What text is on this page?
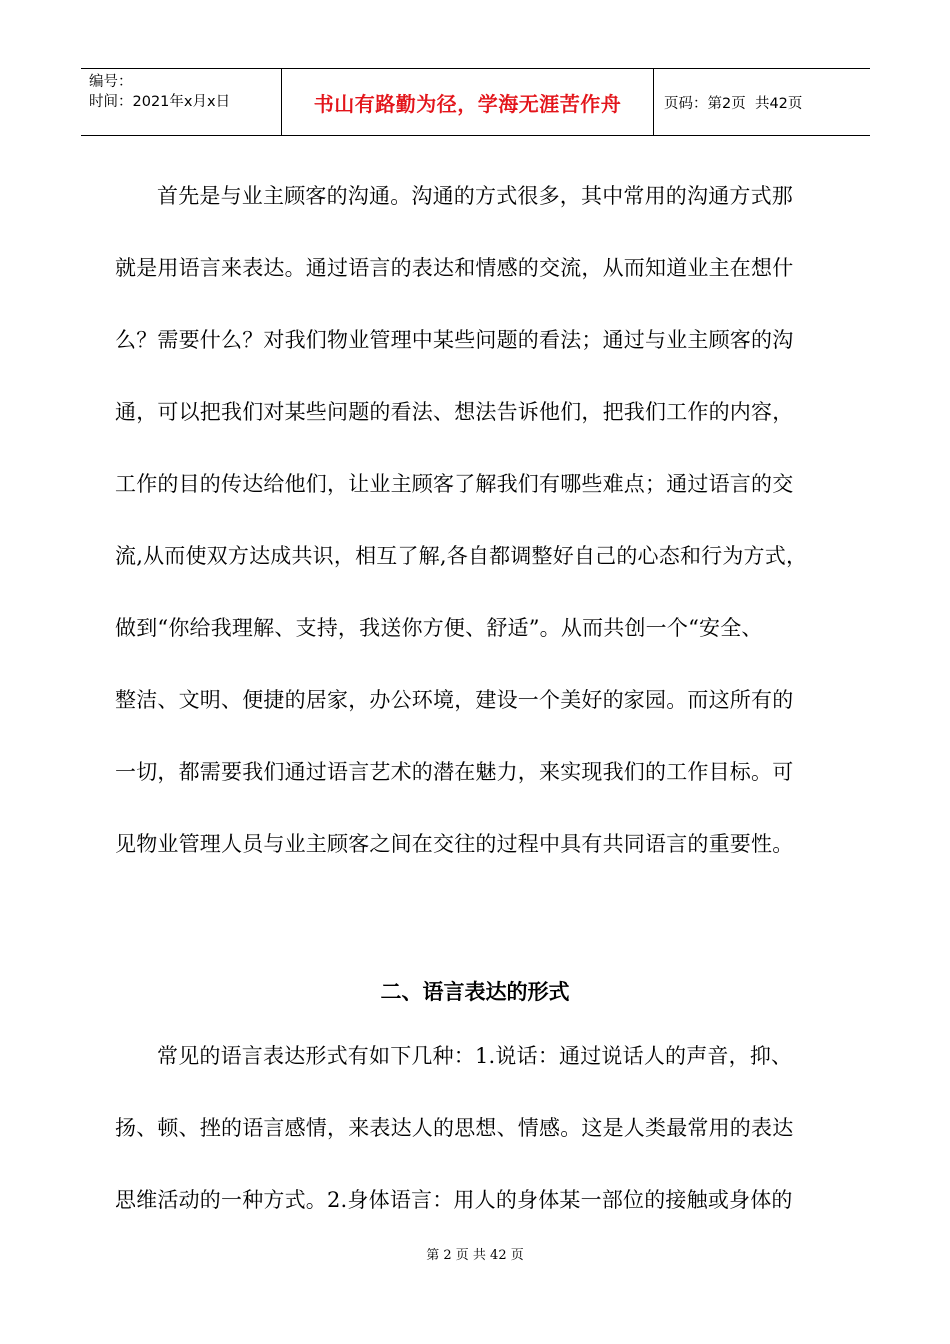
编号：
时间：2021年x月x日	书山有路勤为径，学海无涯苦作舟	页码：第2页  共42页
首先是与业主顾客的沟通。沟通的方式很多，其中常用的沟通方式那
就是用语言来表达。通过语言的表达和情感的交流，从而知道业主在想什
么？需要什么？对我们物业管理中某些问题的看法；通过与业主顾客的沟
通，可以把我们对某些问题的看法、想法告诉他们，把我们工作的内容，
工作的目的传达给他们，让业主顾客了解我们有哪些难点；通过语言的交
流,从而使双方达成共识，相互了解,各自都调整好自己的心态和行为方式，
做到“你给我理解、支持，我送你方便、舒适”。从而共创一个“安全、
整洁、文明、便捷的居家，办公环境，建设一个美好的家园。而这所有的
一切，都需要我们通过语言艺术的潜在魅力，来实现我们的工作目标。可
见物业管理人员与业主顾客之间在交往的过程中具有共同语言的重要性。
二、语言表达的形式
常见的语言表达形式有如下几种：1.说话：通过说话人的声音，抑、
扬、顿、挫的语言感情，来表达人的思想、情感。这是人类最常用的表达
思维活动的一种方式。2.身体语言：用人的身体某一部位的接触或身体的
第 2 页 共 42 页
